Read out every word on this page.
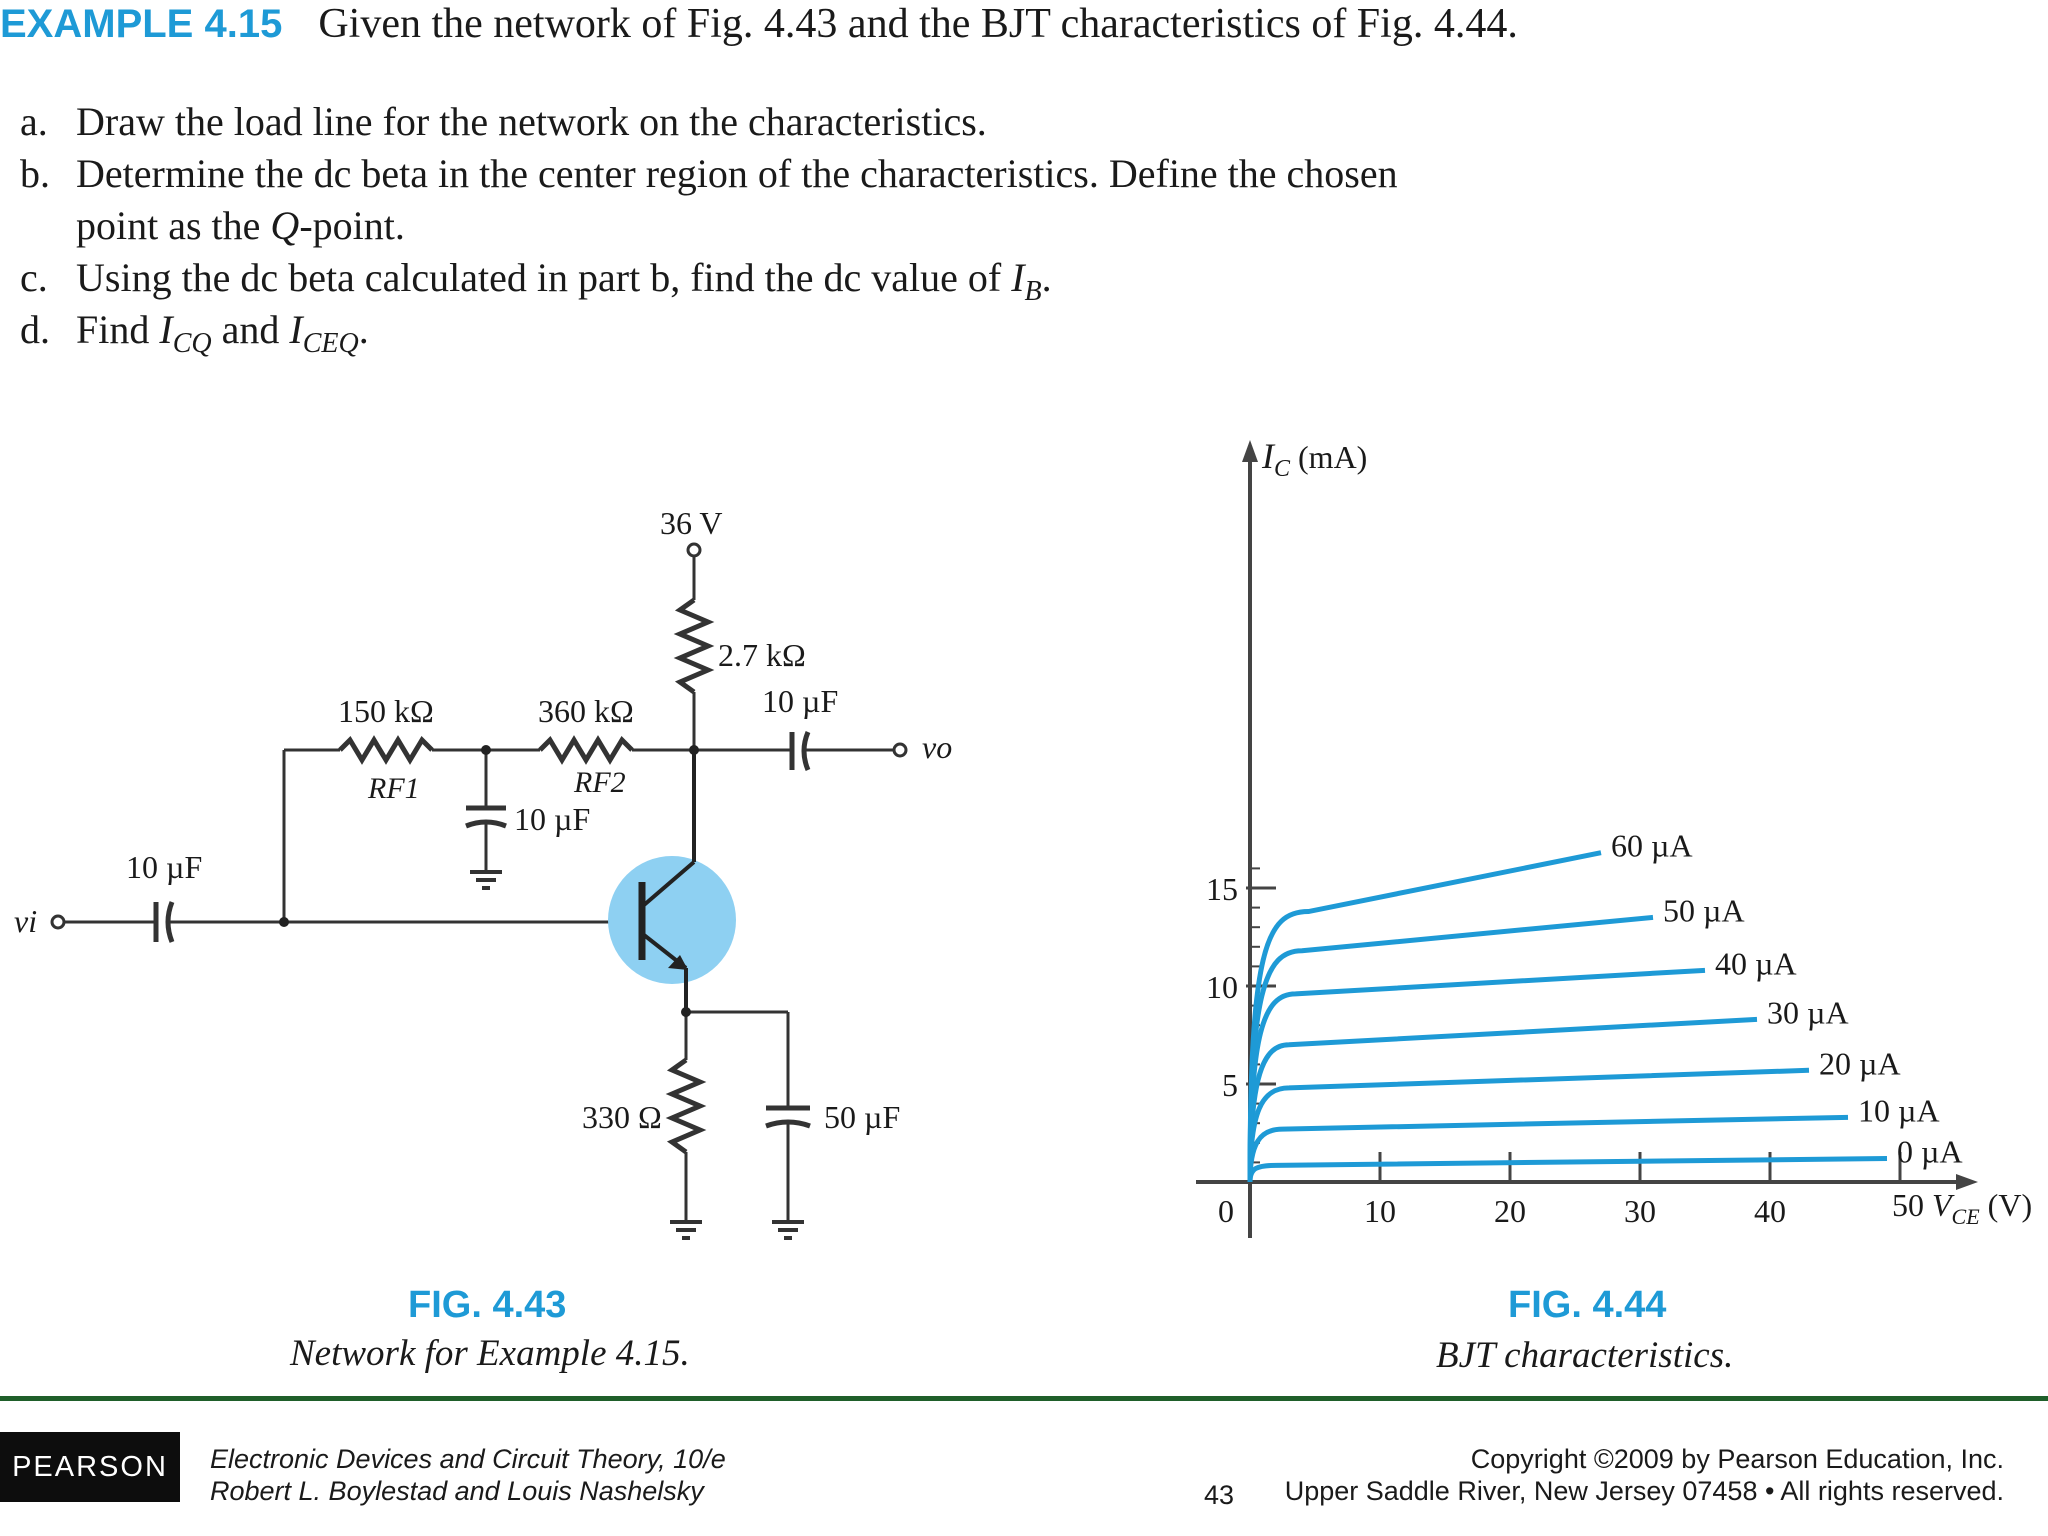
EXAMPLE 4.15 Given the network of Fig. 4.43 and the BJT characteristics of Fig. 4.44.
a. Draw the load line for the network on the characteristics.
b. Determine the dc beta in the center region of the characteristics. Define the chosen
point as the Q-point.
c. Using the dc beta calculated in part b, find the dc value of $I_B$.
d. Find $I_{CQ}$ and $I_{CEQ}$.
36 V
2.7 kΩ
10 µF
vo
150 kΩ
RF1
360 kΩ
RF2
10 µF
10 µF
vi
330 Ω	50 µF
5
10
15
0	10	20	30	40
0 µA
10 µA
20 µA
30 µA
40 µA
50 µA
60 µA
$I_C$ (mA)
50 $V_{CE}$ (V)
FIG. 4.43
Network for Example 4.15.
FIG. 4.44
BJT characteristics.
PEARSON	Electronic Devices and Circuit Theory, 10/e
Robert L. Boylestad and Louis Nashelsky	43
Copyright ©2009 by Pearson Education, Inc.
Upper Saddle River, New Jersey 07458 • All rights reserved.
